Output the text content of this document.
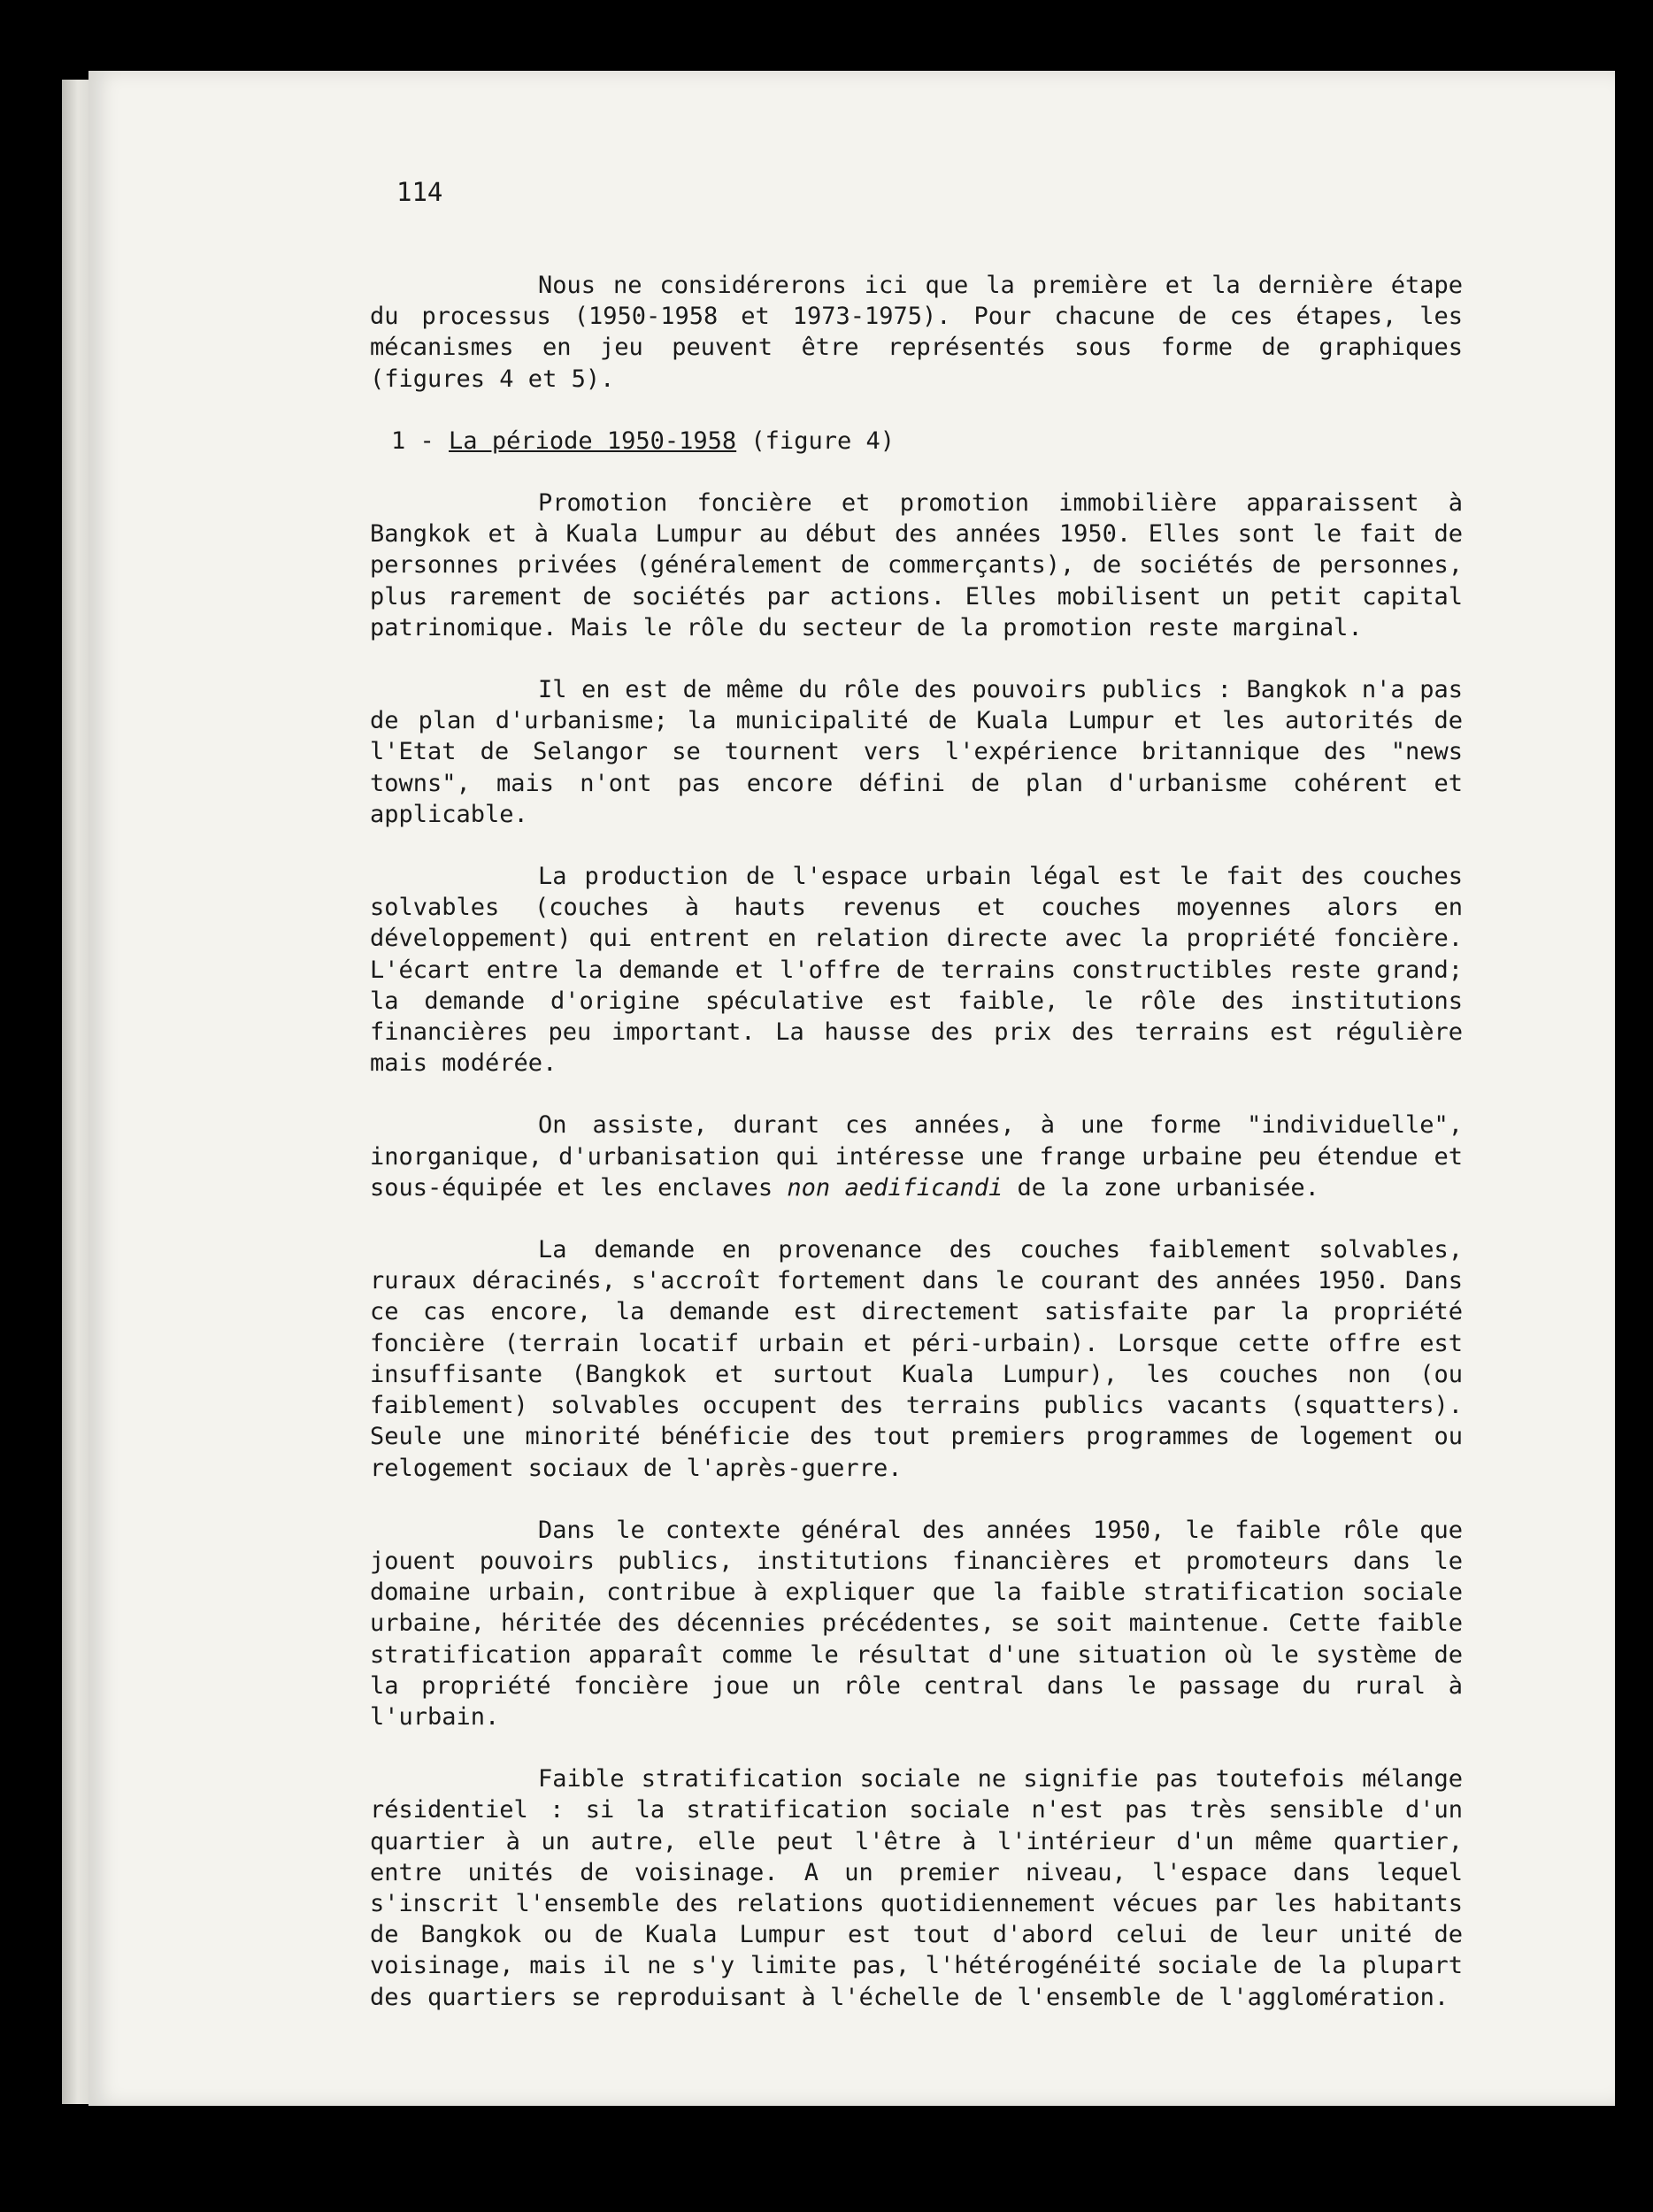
114

Nous ne considérerons ici que la première et la dernière étape du processus (1950-1958 et 1973-1975). Pour chacune de ces étapes, les mécanismes en jeu peuvent être représentés sous forme de graphiques (figures 4 et 5).

1 - La période 1950-1958 (figure 4)

Promotion foncière et promotion immobilière apparaissent à Bangkok et à Kuala Lumpur au début des années 1950. Elles sont le fait de personnes privées (généralement de commerçants), de sociétés de personnes, plus rarement de sociétés par actions. Elles mobilisent un petit capital patrinomique. Mais le rôle du secteur de la promotion reste marginal.

Il en est de même du rôle des pouvoirs publics : Bangkok n'a pas de plan d'urbanisme; la municipalité de Kuala Lumpur et les autorités de l'Etat de Selangor se tournent vers l'expérience britannique des "news towns", mais n'ont pas encore défini de plan d'urbanisme cohérent et applicable.

La production de l'espace urbain légal est le fait des couches solvables (couches à hauts revenus et couches moyennes alors en développement) qui entrent en relation directe avec la propriété foncière. L'écart entre la demande et l'offre de terrains constructibles reste grand; la demande d'origine spéculative est faible, le rôle des institutions financières peu important. La hausse des prix des terrains est régulière mais modérée.

On assiste, durant ces années, à une forme "individuelle", inorganique, d'urbanisation qui intéresse une frange urbaine peu étendue et sous-équipée et les enclaves non aedificandi de la zone urbanisée.

La demande en provenance des couches faiblement solvables, ruraux déracinés, s'accroît fortement dans le courant des années 1950. Dans ce cas encore, la demande est directement satisfaite par la propriété foncière (terrain locatif urbain et péri-urbain). Lorsque cette offre est insuffisante (Bangkok et surtout Kuala Lumpur), les couches non (ou faiblement) solvables occupent des terrains publics vacants (squatters). Seule une minorité bénéficie des tout premiers programmes de logement ou relogement sociaux de l'après-guerre.

Dans le contexte général des années 1950, le faible rôle que jouent pouvoirs publics, institutions financières et promoteurs dans le domaine urbain, contribue à expliquer que la faible stratification sociale urbaine, héritée des décennies précédentes, se soit maintenue. Cette faible stratification apparaît comme le résultat d'une situation où le système de la propriété foncière joue un rôle central dans le passage du rural à l'urbain.

Faible stratification sociale ne signifie pas toutefois mélange résidentiel : si la stratification sociale n'est pas très sensible d'un quartier à un autre, elle peut l'être à l'intérieur d'un même quartier, entre unités de voisinage. A un premier niveau, l'espace dans lequel s'inscrit l'ensemble des relations quotidiennement vécues par les habitants de Bangkok ou de Kuala Lumpur est tout d'abord celui de leur unité de voisinage, mais il ne s'y limite pas, l'hétérogénéité sociale de la plupart des quartiers se reproduisant à l'échelle de l'ensemble de l'agglomération.
